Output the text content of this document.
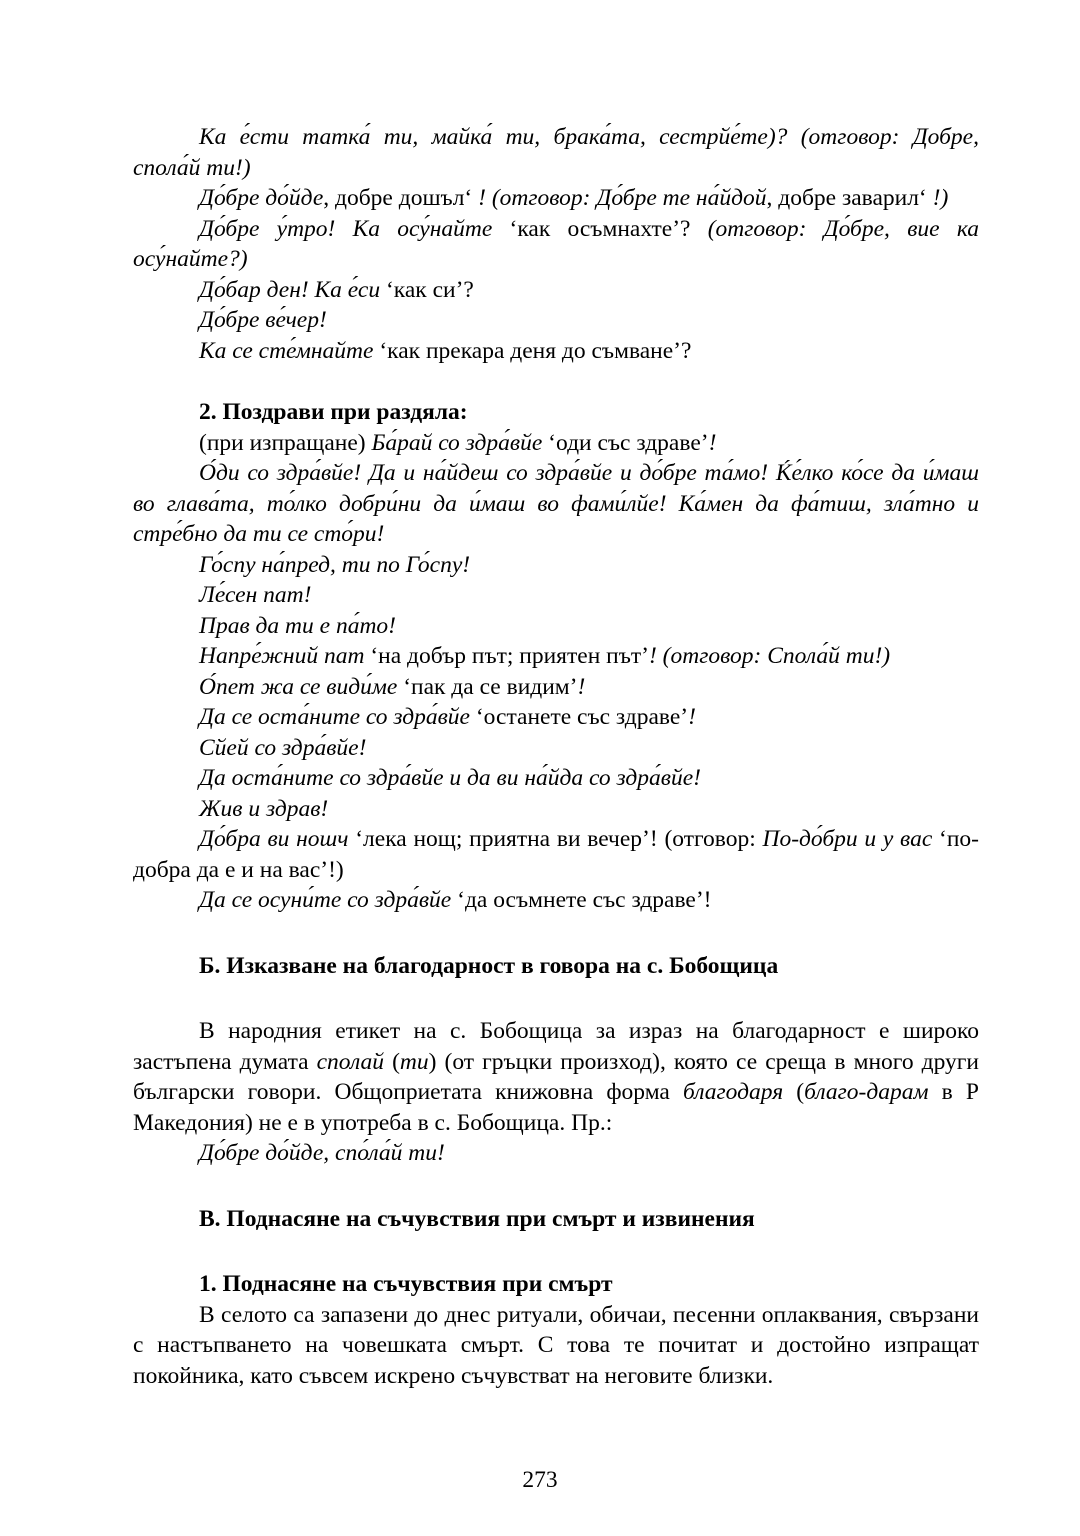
Ка е́сти татка́ ти, майка́ ти, брака́та, сестрйе́те)? (отговор: Добре, спола́й ти!)

До́бре до́йде, добре дошъл‘ ! (отговор: До́бре те на́йдой, добре заварил‘ !)

До́бре у́тро! Ка осу́найте ‘как осъмнахте’? (отговор: До́бре, вие ка осу́найте?)

До́бар ден! Ка е́си ‘как си’?

До́бре ве́чер!

Ка се сте́мнайте ‘как прекара деня до съмване’?

2. Поздрави при раздяла:

(при изпращане) Ба́рай со здра́вйе ‘оди със здраве’!

О́ди со здра́вйе! Да и на́йдеш со здра́вйе и до́бре та́мо! Ќе́лко ко́се да и́маш во глава́та, то́лко добри́ни да и́маш во фами́лйе! Ка́мен да фа́тиш, зла́тно и стре́бно да ти се сто́ри!

Го́спу на́пред, ти по Го́спу!

Ле́сен пат!

Прав да ти е па́то!

Напре́жний пат ‘на добър път; приятен път’! (отговор: Спола́й ти!)

О́пет жа се види́ме ‘пак да се видим’!

Да се оста́ните со здра́вйе ‘останете със здраве’!

Сйей со здра́вйе!

Да оста́ните со здра́вйе и да ви на́йда со здра́вйе!

Жив и здрав!

До́бра ви ношч ‘лека нощ; приятна ви вечер’! (отговор: По-до́бри и у вас ‘по-добра да е и на вас’!)

Да се осуни́те со здра́вйе ‘да осъмнете със здраве’!

Б. Изказване на благодарност в говора на с. Бобощица

В народния етикет на с. Бобощица за израз на благодарност е широко застъпена думата сполай (ти) (от гръцки произход), която се среща в много други български говори. Общоприетата книжовна форма благодаря (благо-дарам в Р Македония) не е в употреба в с. Бобощица. Пр.:

До́бре до́йде, спо́ла́й ти!

В. Поднасяне на съчувствия при смърт и извинения
1. Поднасяне на съчувствия при смърт

В селото са запазени до днес ритуали, обичаи, песенни оплаквания, свързани с настъпването на човешката смърт. С това те почитат и достойно изпращат покойника, като съвсем искрено съчувстват на неговите близки.

273
